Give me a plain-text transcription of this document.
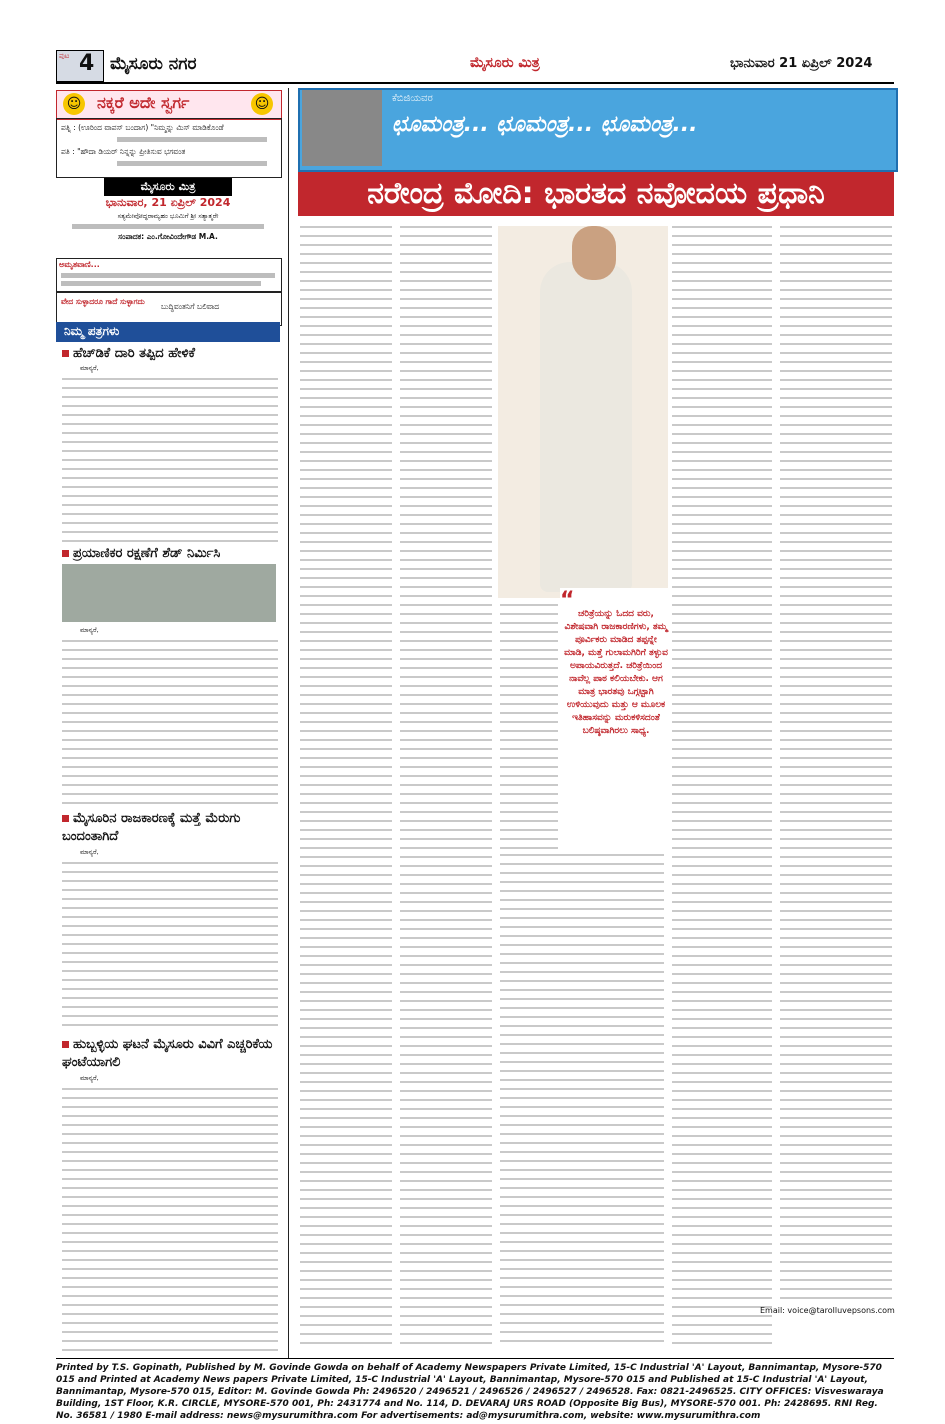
ಪುಟ 4 ಮೈಸೂರು ನಗರ	ಮೈಸೂರು ಮಿತ್ರ	ಭಾನುವಾರ 21 ಏಪ್ರಿಲ್ 2024
☺ ನಕ್ಕರೆ ಅದೇ ಸ್ವರ್ಗ	☺
ಪತ್ನಿ : (ಊರಿಂದ ವಾಪಸ್ ಬಂದಾಗ) "ನಿಮ್ಮನ್ನು ಮಿಸ್ ಮಾಡಿಕೊಂಡೆ
ಪತಿ : "ಹೌದಾ ಡಿಯರ್ ನಿನ್ನನ್ನು ಪ್ರೀತಿಸುವ ಭಗವಂತ
ಮೈಸೂರು ಮಿತ್ರ
ಭಾನುವಾರ, 21 ಏಪ್ರಿಲ್ 2024
ಸತ್ಯಮೇವೋದ್ಧರಾಮ್ಯಹಂ ಭೂಮಿಗೆ ಶ್ರೀ ಸತ್ಯಾತ್ಮರೇ
ಸಂಪಾದಕ: ಎಂ.ಗೋವಿಂದೇಗೌಡ M.A.
ಅಮೃತವಾಣಿ...
ವೇದ ಸುಳ್ಳಾದರೂ ಗಾದೆ ಸುಳ್ಳಾಗದು
ಬುದ್ಧಿವಂತನಿಗೆ ಬಲಿವಾದ
ನಿಮ್ಮ ಪತ್ರಗಳು
ಹೆಚ್‌ಡಿಕೆ ದಾರಿ ತಪ್ಪಿದ ಹೇಳಿಕೆ
ಮಾನ್ಯರೆ,
ಪ್ರಯಾಣಿಕರ ರಕ್ಷಣೆಗೆ ಶೆಡ್ ನಿರ್ಮಿಸಿ
ಮಾನ್ಯರೆ,
ಮೈಸೂರಿನ ರಾಜಕಾರಣಕ್ಕೆ ಮತ್ತೆ ಮೆರುಗು ಬಂದಂತಾಗಿದೆ
ಮಾನ್ಯರೆ,
ಹುಬ್ಬಳ್ಳಿಯ ಘಟನೆ ಮೈಸೂರು ವಿವಿಗೆ ಎಚ್ಚರಿಕೆಯ ಘಂಟೆಯಾಗಲಿ
ಮಾನ್ಯರೆ,
ಕೆಬಿಜಿಯವರ
ಛೂಮಂತ್ರ... ಛೂಮಂತ್ರ... ಛೂಮಂತ್ರ...
ನರೇಂದ್ರ ಮೋದಿ: ಭಾರತದ ನವೋದಯ ಪ್ರಧಾನಿ
“
ಚರಿತ್ರೆಯನ್ನು ಓದದ ವರು, ವಿಶೇಷವಾಗಿ ರಾಜಕಾರಣಿಗಳು, ತಮ್ಮ ಪೂರ್ವಿಕರು ಮಾಡಿದ ತಪ್ಪನ್ನೇ ಮಾಡಿ, ಮತ್ತೆ ಗುಲಾಮಗಿರಿಗೆ ತಳ್ಳುವ ಅಪಾಯವಿರುತ್ತದೆ. ಚರಿತ್ರೆಯಿಂದ ನಾವೆಲ್ಲ ಪಾಠ ಕಲಿಯಬೇಕು. ಆಗ ಮಾತ್ರ ಭಾರತವು ಒಗ್ಗಟ್ಟಾಗಿ ಉಳಿಯುವುದು ಮತ್ತು ಆ ಮೂಲಕ ಇತಿಹಾಸವನ್ನು ಮರುಕಳಿಸದಂತೆ ಬಲಿಷ್ಠವಾಗಿರಲು ಸಾಧ್ಯ.
Email: voice@tarolluvepsons.com
Printed by T.S. Gopinath, Published by M. Govinde Gowda on behalf of Academy Newspapers Private Limited, 15-C Industrial 'A' Layout, Bannimantap, Mysore-570 015 and Printed at Academy News papers Private Limited, 15-C Industrial 'A' Layout, Bannimantap, Mysore-570 015 and Published at 15-C Industrial 'A' Layout, Bannimantap, Mysore-570 015, Editor: M. Govinde Gowda Ph: 2496520 / 2496521 / 2496526 / 2496527 / 2496528. Fax: 0821-2496525. CITY OFFICES: Visveswaraya Building, 1ST Floor, K.R. CIRCLE, MYSORE-570 001, Ph: 2431774 and No. 114, D. DEVARAJ URS ROAD (Opposite Big Bus), MYSORE-570 001. Ph: 2428695. RNI Reg. No. 36581 / 1980 E-mail address: news@mysurumithra.com For advertisements: ad@mysurumithra.com, website: www.mysurumithra.com
